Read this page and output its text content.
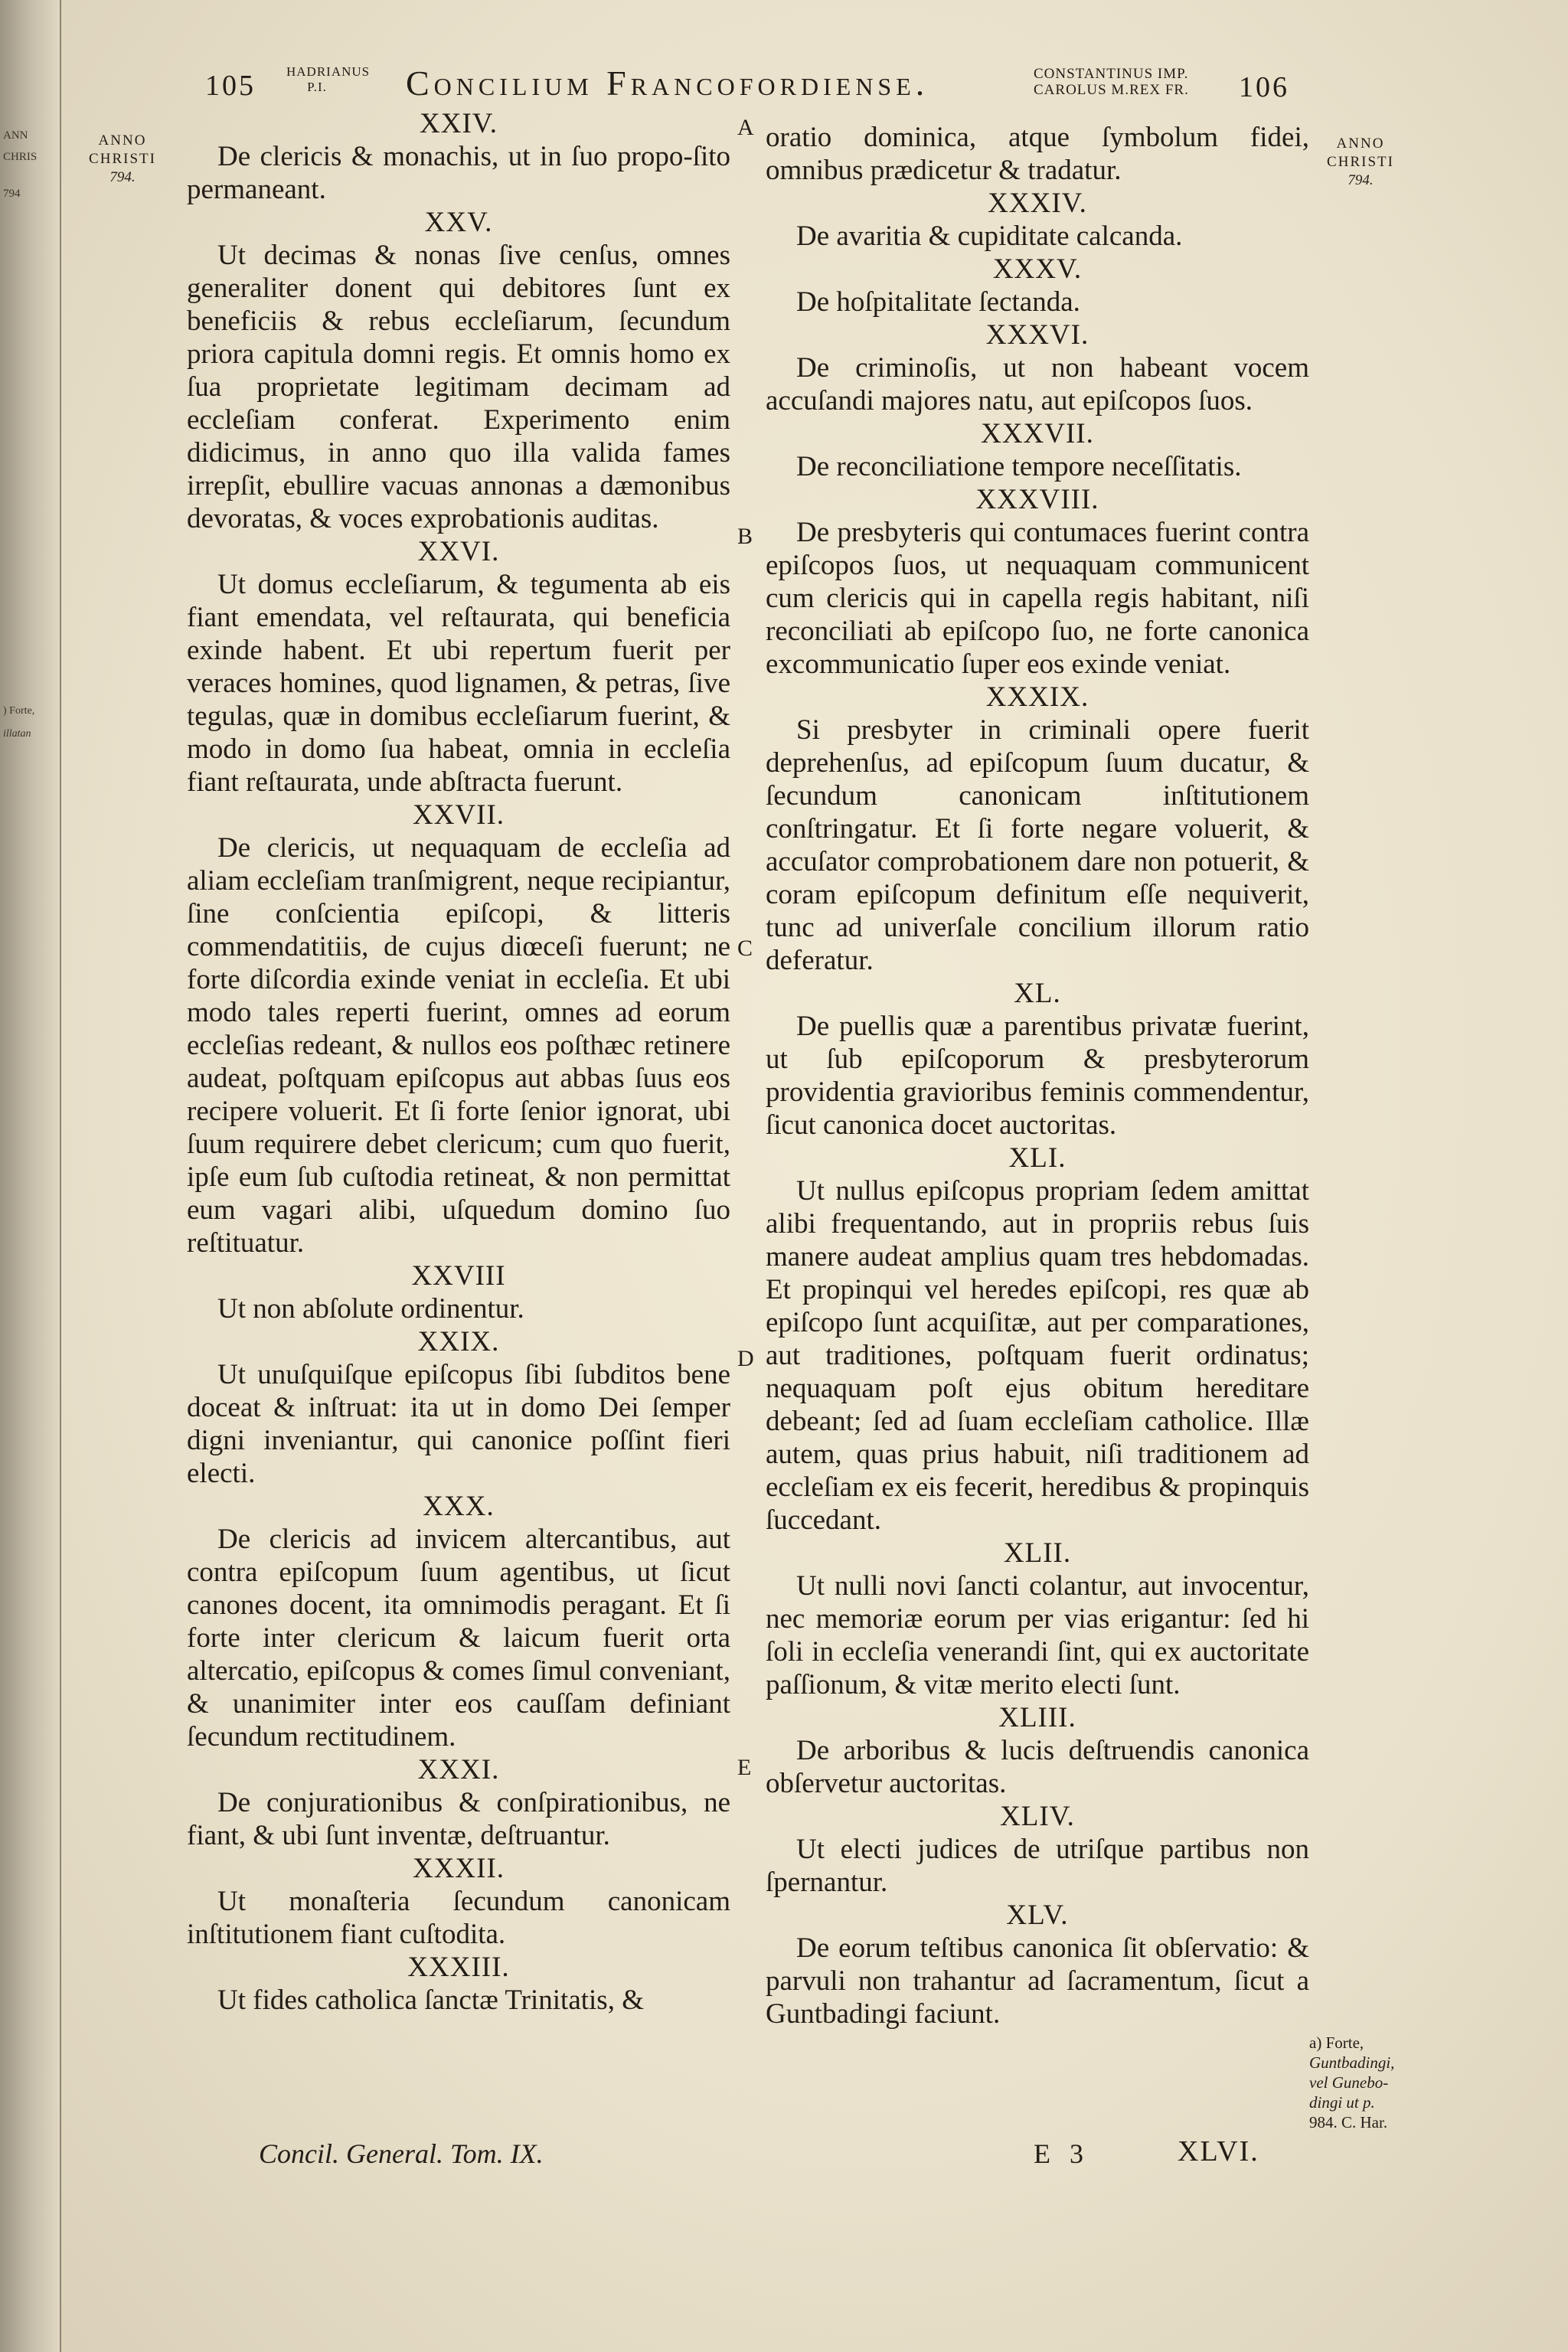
ANN
CHRIS
794
) Forte,
illatan
105 HADRIANUS
P.I.	Concilium Francofordiense.	CONSTANTINUS IMP.
CAROLUS M.REX FR. 106
ANNO
CHRISTI
794.
ANNO
CHRISTI
794.
A
B
C
D
E
XXIV.

De clericis & monachis, ut in ſuo propo-ſito permaneant.

XXV.

Ut decimas & nonas ſive cenſus, omnes generaliter donent qui debitores ſunt ex beneficiis & rebus eccleſiarum, ſecundum priora capitula domni regis. Et omnis homo ex ſua proprietate legitimam decimam ad eccleſiam conferat. Experimento enim didicimus, in anno quo illa valida fames irrepſit, ebullire vacuas annonas a dæmonibus devoratas, & voces exprobationis auditas.

XXVI.

Ut domus eccleſiarum, & tegumenta ab eis fiant emendata, vel reſtaurata, qui beneficia exinde habent. Et ubi repertum fuerit per veraces homines, quod lignamen, & petras, ſive tegulas, quæ in domibus eccleſiarum fuerint, & modo in domo ſua habeat, omnia in eccleſia fiant reſtaurata, unde abſtracta fuerunt.

XXVII.

De clericis, ut nequaquam de eccleſia ad aliam eccleſiam tranſmigrent, neque recipiantur, ſine conſcientia epiſcopi, & litteris commendatitiis, de cujus diœceſi fuerunt; ne forte diſcordia exinde veniat in eccleſia. Et ubi modo tales reperti fuerint, omnes ad eorum eccleſias redeant, & nullos eos poſthæc retinere audeat, poſtquam epiſcopus aut abbas ſuus eos recipere voluerit. Et ſi forte ſenior ignorat, ubi ſuum requirere debet clericum; cum quo fuerit, ipſe eum ſub cuſtodia retineat, & non permittat eum vagari alibi, uſquedum domino ſuo reſtituatur.

XXVIII

Ut non abſolute ordinentur.

XXIX.

Ut unuſquiſque epiſcopus ſibi ſubditos bene doceat & inſtruat: ita ut in domo Dei ſemper digni inveniantur, qui canonice poſſint fieri electi.

XXX.

De clericis ad invicem altercantibus, aut contra epiſcopum ſuum agentibus, ut ſicut canones docent, ita omnimodis peragant. Et ſi forte inter clericum & laicum fuerit orta altercatio, epiſcopus & comes ſimul conveniant, & unanimiter inter eos cauſſam definiant ſecundum rectitudinem.

XXXI.

De conjurationibus & conſpirationibus, ne fiant, & ubi ſunt inventæ, deſtruantur.

XXXII.

Ut monaſteria ſecundum canonicam inſtitutionem fiant cuſtodita.

XXXIII.

Ut fides catholica ſanctæ Trinitatis, &

oratio dominica, atque ſymbolum fidei, omnibus prædicetur & tradatur.

XXXIV.

De avaritia & cupiditate calcanda.

XXXV.

De hoſpitalitate ſectanda.

XXXVI.

De criminoſis, ut non habeant vocem accuſandi majores natu, aut epiſcopos ſuos.

XXXVII.

De reconciliatione tempore neceſſitatis.

XXXVIII.

De presbyteris qui contumaces fuerint contra epiſcopos ſuos, ut nequaquam communicent cum clericis qui in capella regis habitant, niſi reconciliati ab epiſcopo ſuo, ne forte canonica excommunicatio ſuper eos exinde veniat.

XXXIX.

Si presbyter in criminali opere fuerit deprehenſus, ad epiſcopum ſuum ducatur, & ſecundum canonicam inſtitutionem conſtringatur. Et ſi forte negare voluerit, & accuſator comprobationem dare non potuerit, & coram epiſcopum definitum eſſe nequiverit, tunc ad univerſale concilium illorum ratio deferatur.

XL.

De puellis quæ a parentibus privatæ fuerint, ut ſub epiſcoporum & presbyterorum providentia gravioribus feminis commendentur, ſicut canonica docet auctoritas.

XLI.

Ut nullus epiſcopus propriam ſedem amittat alibi frequentando, aut in propriis rebus ſuis manere audeat amplius quam tres hebdomadas. Et propinqui vel heredes epiſcopi, res quæ ab epiſcopo ſunt acquiſitæ, aut per comparationes, aut traditiones, poſtquam fuerit ordinatus; nequaquam poſt ejus obitum hereditare debeant; ſed ad ſuam eccleſiam catholice. Illæ autem, quas prius habuit, niſi traditionem ad eccleſiam ex eis fecerit, heredibus & propinquis ſuccedant.

XLII.

Ut nulli novi ſancti colantur, aut invocentur, nec memoriæ eorum per vias erigantur: ſed hi ſoli in eccleſia venerandi ſint, qui ex auctoritate paſſionum, & vitæ merito electi ſunt.

XLIII.

De arboribus & lucis deſtruendis canonica obſervetur auctoritas.

XLIV.

Ut electi judices de utriſque partibus non ſpernantur.

XLV.

De eorum teſtibus canonica ſit obſervatio: & parvuli non trahantur ad ſacramentum, ſicut a Guntbadingi faciunt.

a) Forte,
Guntbadingi,
vel Gunebo-
dingi ut p.
984. C. Har.
Concil. General. Tom. IX.	E 3	XLVI.
